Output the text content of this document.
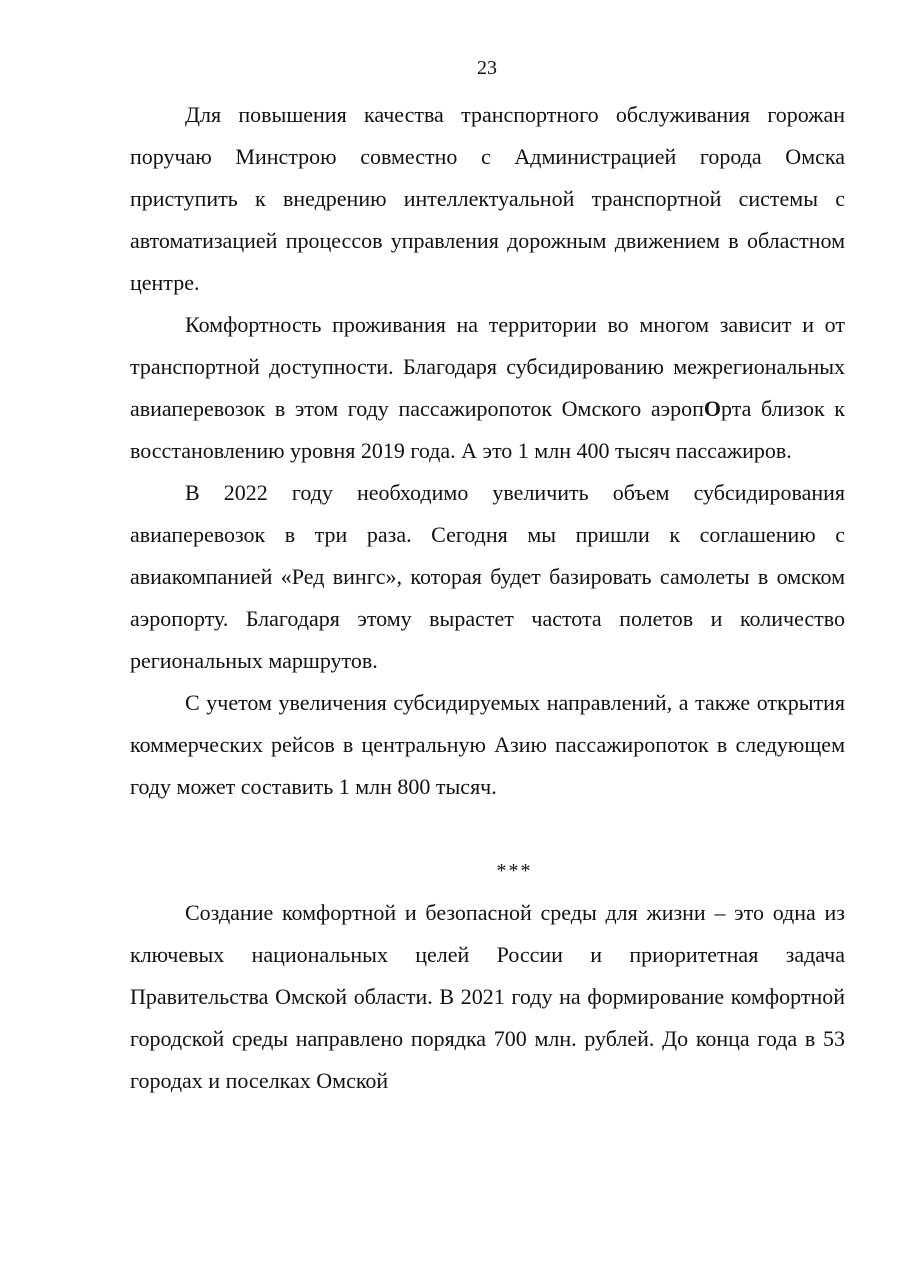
23

Для повышения качества транспортного обслуживания горожан поручаю Минстрою совместно с Администрацией города Омска приступить к внедрению интеллектуальной транспортной системы с автоматизацией процессов управления дорожным движением в областном центре.

Комфортность проживания на территории во многом зависит и от транспортной доступности. Благодаря субсидированию межрегиональных авиаперевозок в этом году пассажиропоток Омского аэропОрта близок к восстановлению уровня 2019 года. А это 1 млн 400 тысяч пассажиров.

В 2022 году необходимо увеличить объем субсидирования авиаперевозок в три раза. Сегодня мы пришли к соглашению с авиакомпанией «Ред вингс», которая будет базировать самолеты в омском аэропорту. Благодаря этому вырастет частота полетов и количество региональных маршрутов.

С учетом увеличения субсидируемых направлений, а также открытия коммерческих рейсов в центральную Азию пассажиропоток в следующем году может составить 1 млн 800 тысяч.

***

Создание комфортной и безопасной среды для жизни – это одна из ключевых национальных целей России и приоритетная задача Правительства Омской области. В 2021 году на формирование комфортной городской среды направлено порядка 700 млн. рублей. До конца года в 53 городах и поселках Омской
